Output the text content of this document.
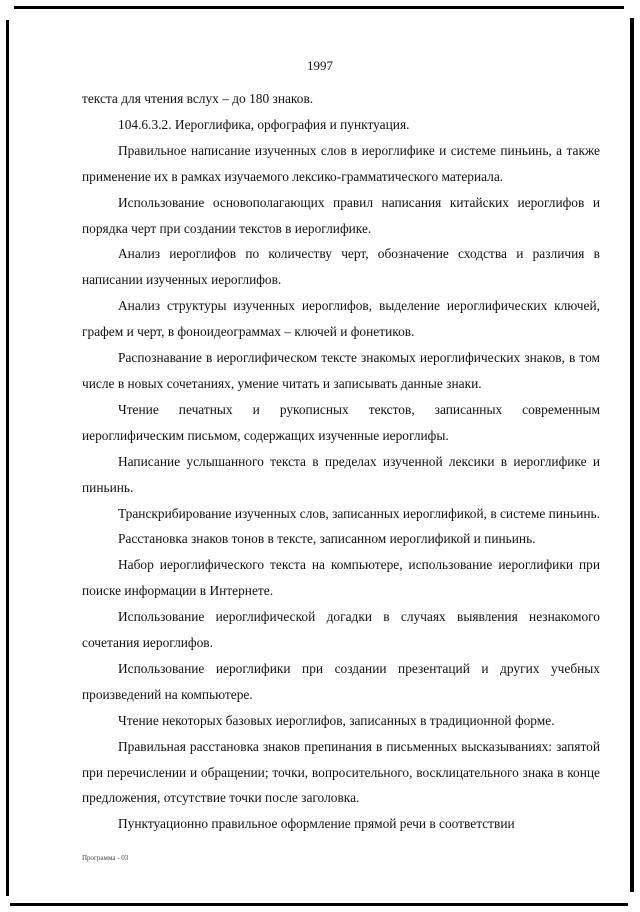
1997

текста для чтения вслух – до 180 знаков.

104.6.3.2. Иероглифика, орфография и пунктуация.

Правильное написание изученных слов в иероглифике и системе пиньинь, а также применение их в рамках изучаемого лексико-грамматического материала.

Использование основополагающих правил написания китайских иероглифов и порядка черт при создании текстов в иероглифике.

Анализ иероглифов по количеству черт, обозначение сходства и различия в написании изученных иероглифов.

Анализ структуры изученных иероглифов, выделение иероглифических ключей, графем и черт, в фоноидеограммах – ключей и фонетиков.

Распознавание в иероглифическом тексте знакомых иероглифических знаков, в том числе в новых сочетаниях, умение читать и записывать данные знаки.

Чтение печатных и рукописных текстов, записанных современным иероглифическим письмом, содержащих изученные иероглифы.

Написание услышанного текста в пределах изученной лексики в иероглифике и пиньинь.

Транскрибирование изученных слов, записанных иероглификой, в системе пиньинь.

Расстановка знаков тонов в тексте, записанном иероглификой и пиньинь.

Набор иероглифического текста на компьютере, использование иероглифики при поиске информации в Интернете.

Использование иероглифической догадки в случаях выявления незнакомого сочетания иероглифов.

Использование иероглифики при создании презентаций и других учебных произведений на компьютере.

Чтение некоторых базовых иероглифов, записанных в традиционной форме.

Правильная расстановка знаков препинания в письменных высказываниях: запятой при перечислении и обращении; точки, вопросительного, восклицательного знака в конце предложения, отсутствие точки после заголовка.

Пунктуационно правильное оформление прямой речи в соответствии

Программа - 03
